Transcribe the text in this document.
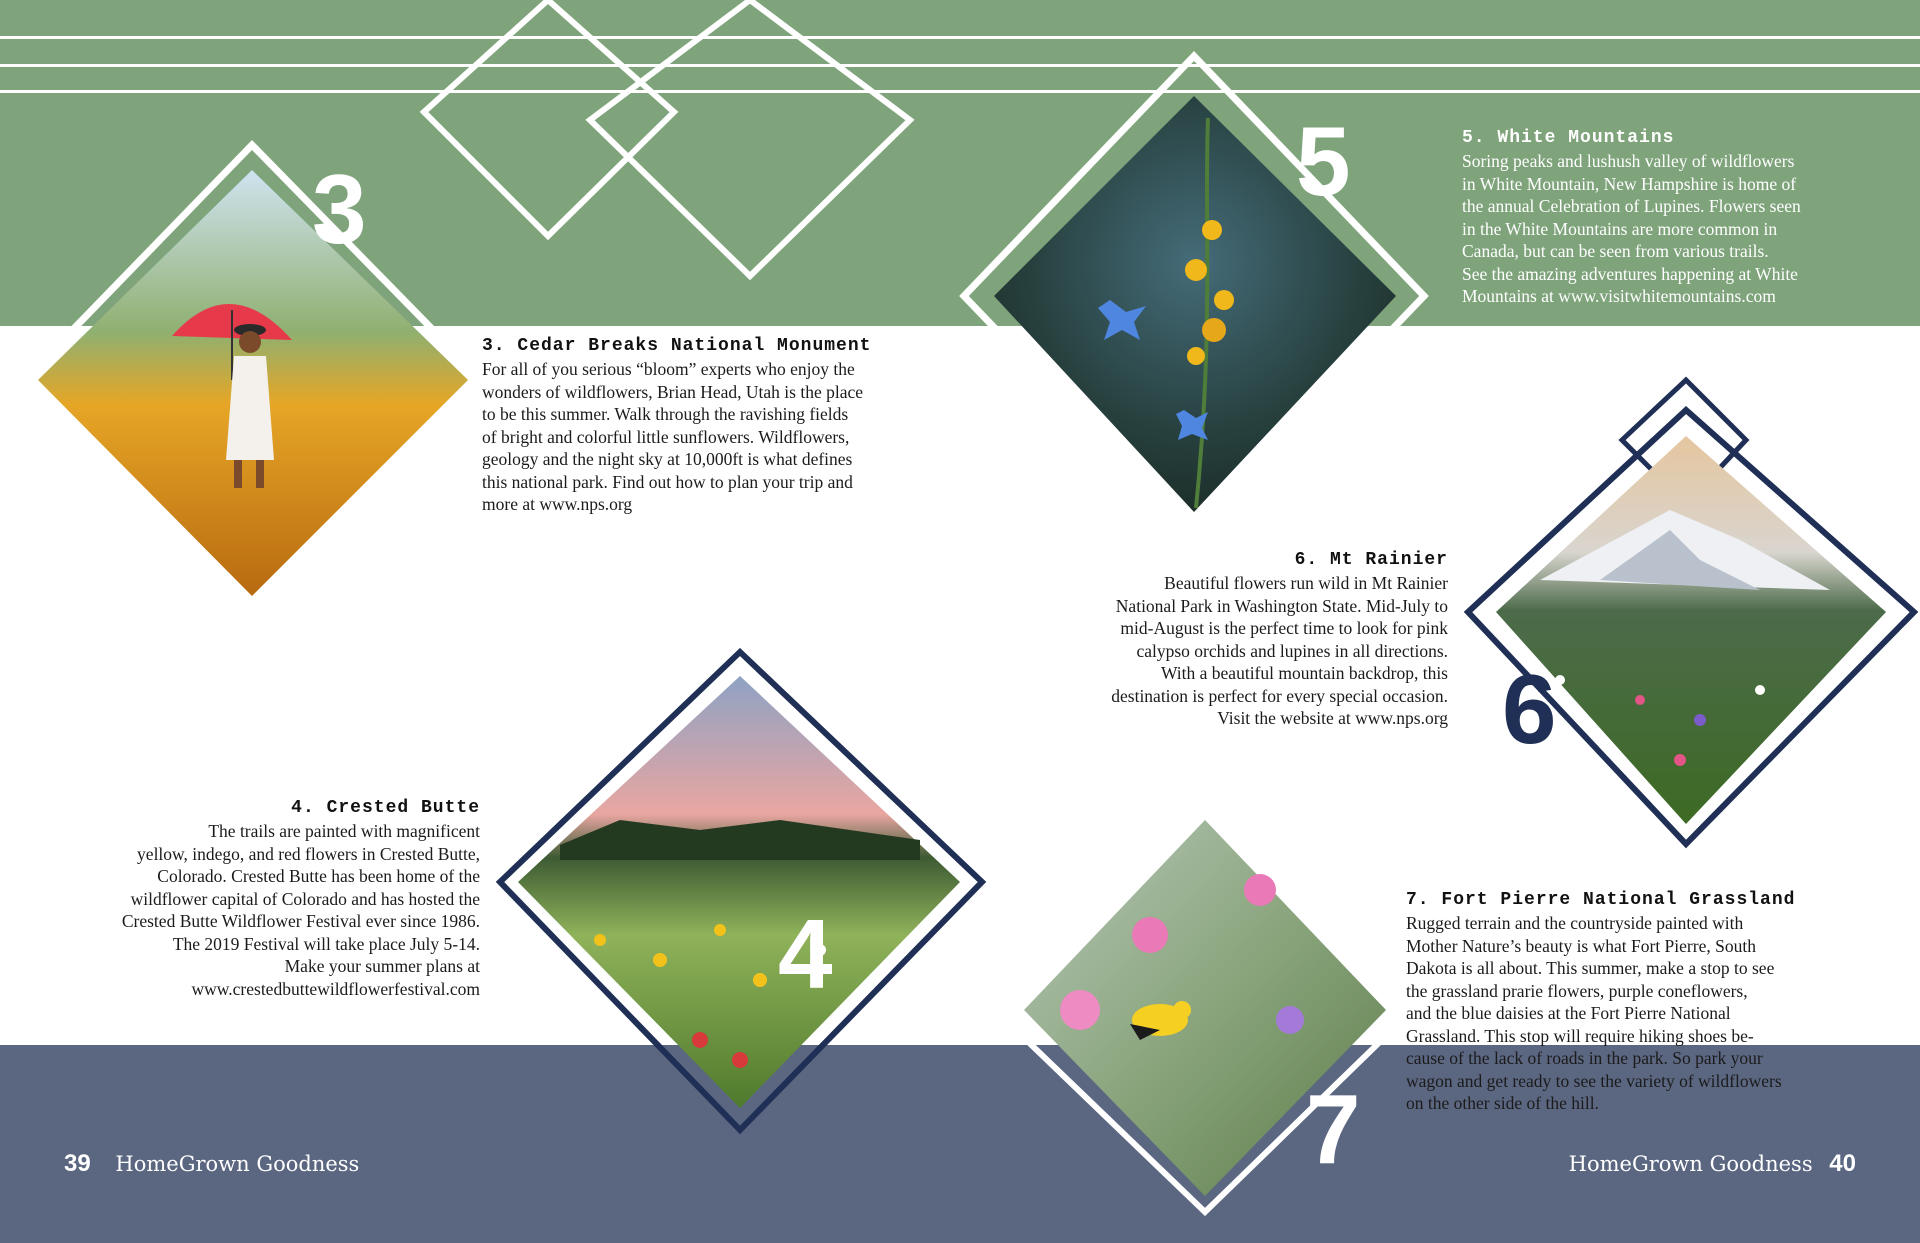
3
4
5
6
7
3. Cedar Breaks National Monument

For all of you serious “bloom” experts who enjoy the

wonders of wildflowers, Brian Head, Utah is the place

to be this summer. Walk through the ravishing fields

of bright and colorful little sunflowers. Wildflowers,

geology and the night sky at 10,000ft is what defines

this national park. Find out how to plan your trip and

more at www.nps.org

5. White Mountains

Soring peaks and lushush valley of wildflowers

in White Mountain, New Hampshire is home of

the annual Celebration of Lupines. Flowers seen

in the White Mountains are more common in

Canada, but can be seen from various trails.

See the amazing adventures happening at White

Mountains at www.visitwhitemountains.com

6. Mt Rainier

Beautiful flowers run wild in Mt Rainier

National Park in Washington State. Mid-July to

mid-August is the perfect time to look for pink

calypso orchids and lupines in all directions.

With a beautiful mountain backdrop, this

destination is perfect for every special occasion.

Visit the website at www.nps.org

4. Crested Butte

The trails are painted with magnificent

yellow, indego, and red flowers in Crested Butte,

Colorado. Crested Butte has been home of the

wildflower capital of Colorado and has hosted the

Crested Butte Wildflower Festival ever since 1986.

The 2019 Festival will take place July 5-14.

Make your summer plans at

www.crestedbuttewildflowerfestival.com

7. Fort Pierre National Grassland

Rugged terrain and the countryside painted with

Mother Nature’s beauty is what Fort Pierre, South

Dakota is all about. This summer, make a stop to see

the grassland prarie flowers, purple coneflowers,

and the blue daisies at the Fort Pierre National

Grassland. This stop will require hiking shoes be-

cause of the lack of roads in the park. So park your

wagon and get ready to see the variety of wildflowers

on the other side of the hill.

39 HomeGrown Goodness	HomeGrown Goodness 40
